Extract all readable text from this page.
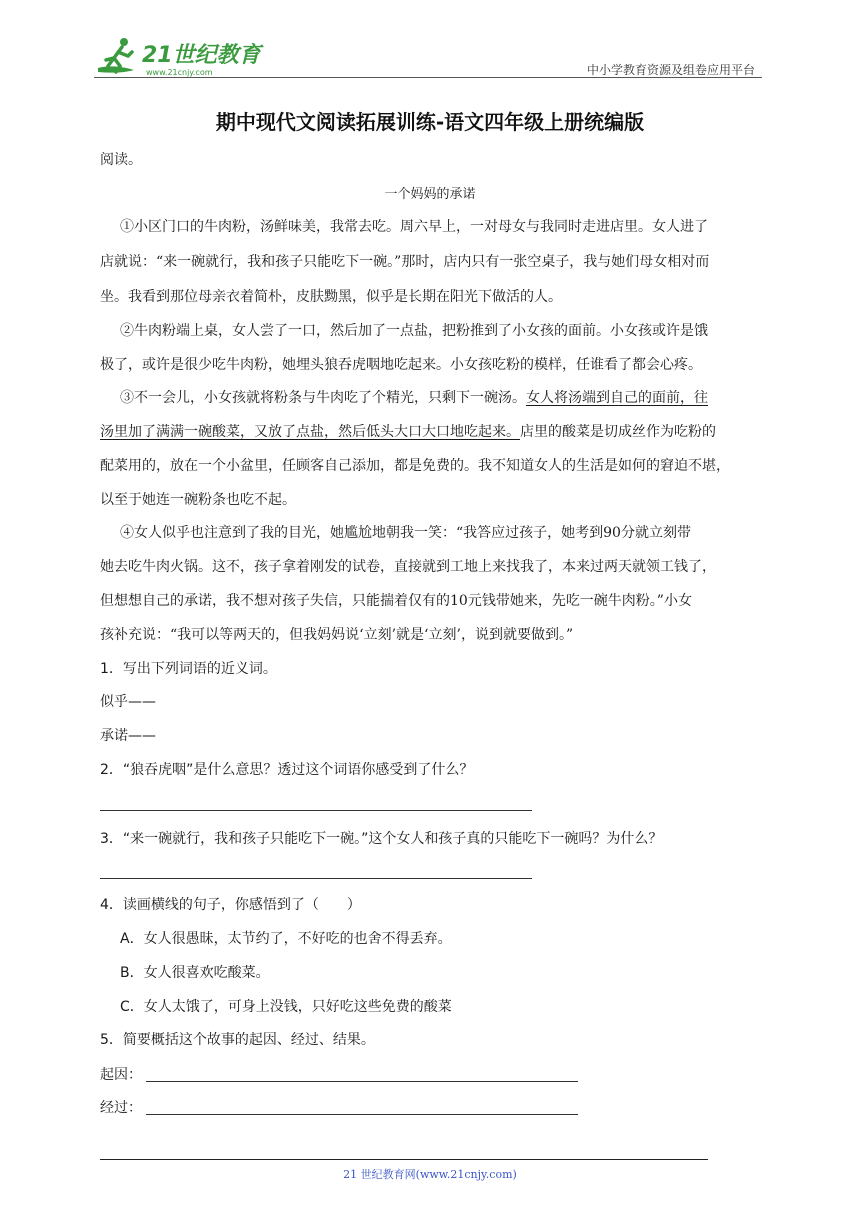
21世纪教育
www.21cnjy.com	中小学教育资源及组卷应用平台
期中现代文阅读拓展训练-语文四年级上册统编版
阅读。
一个妈妈的承诺
①小区门口的牛肉粉，汤鲜味美，我常去吃。周六早上，一对母女与我同时走进店里。女人进了
店就说：“来一碗就行，我和孩子只能吃下一碗。”那时，店内只有一张空桌子，我与她们母女相对而
坐。我看到那位母亲衣着简朴，皮肤黝黑，似乎是长期在阳光下做活的人。
②牛肉粉端上桌，女人尝了一口，然后加了一点盐，把粉推到了小女孩的面前。小女孩或许是饿
极了，或许是很少吃牛肉粉，她埋头狼吞虎咽地吃起来。小女孩吃粉的模样，任谁看了都会心疼。
③不一会儿，小女孩就将粉条与牛肉吃了个精光，只剩下一碗汤。女人将汤端到自己的面前，往
汤里加了满满一碗酸菜，又放了点盐，然后低头大口大口地吃起来。店里的酸菜是切成丝作为吃粉的
配菜用的，放在一个小盆里，任顾客自己添加，都是免费的。我不知道女人的生活是如何的窘迫不堪，
以至于她连一碗粉条也吃不起。
④女人似乎也注意到了我的目光，她尴尬地朝我一笑：“我答应过孩子，她考到90分就立刻带
她去吃牛肉火锅。这不，孩子拿着刚发的试卷，直接就到工地上来找我了，本来过两天就领工钱了，
但想想自己的承诺，我不想对孩子失信，只能揣着仅有的10元钱带她来，先吃一碗牛肉粉。”小女
孩补充说：“我可以等两天的，但我妈妈说‘立刻’就是‘立刻’，说到就要做到。”
1．写出下列词语的近义词。
似乎——
承诺——
2．“狼吞虎咽”是什么意思？透过这个词语你感受到了什么？
3．“来一碗就行，我和孩子只能吃下一碗。”这个女人和孩子真的只能吃下一碗吗？为什么？
4．读画横线的句子，你感悟到了（　　）
A．女人很愚昧，太节约了，不好吃的也舍不得丢弃。
B．女人很喜欢吃酸菜。
C．女人太饿了，可身上没钱，只好吃这些免费的酸菜
5．简要概括这个故事的起因、经过、结果。
起因：
经过：
21 世纪教育网(www.21cnjy.com)
